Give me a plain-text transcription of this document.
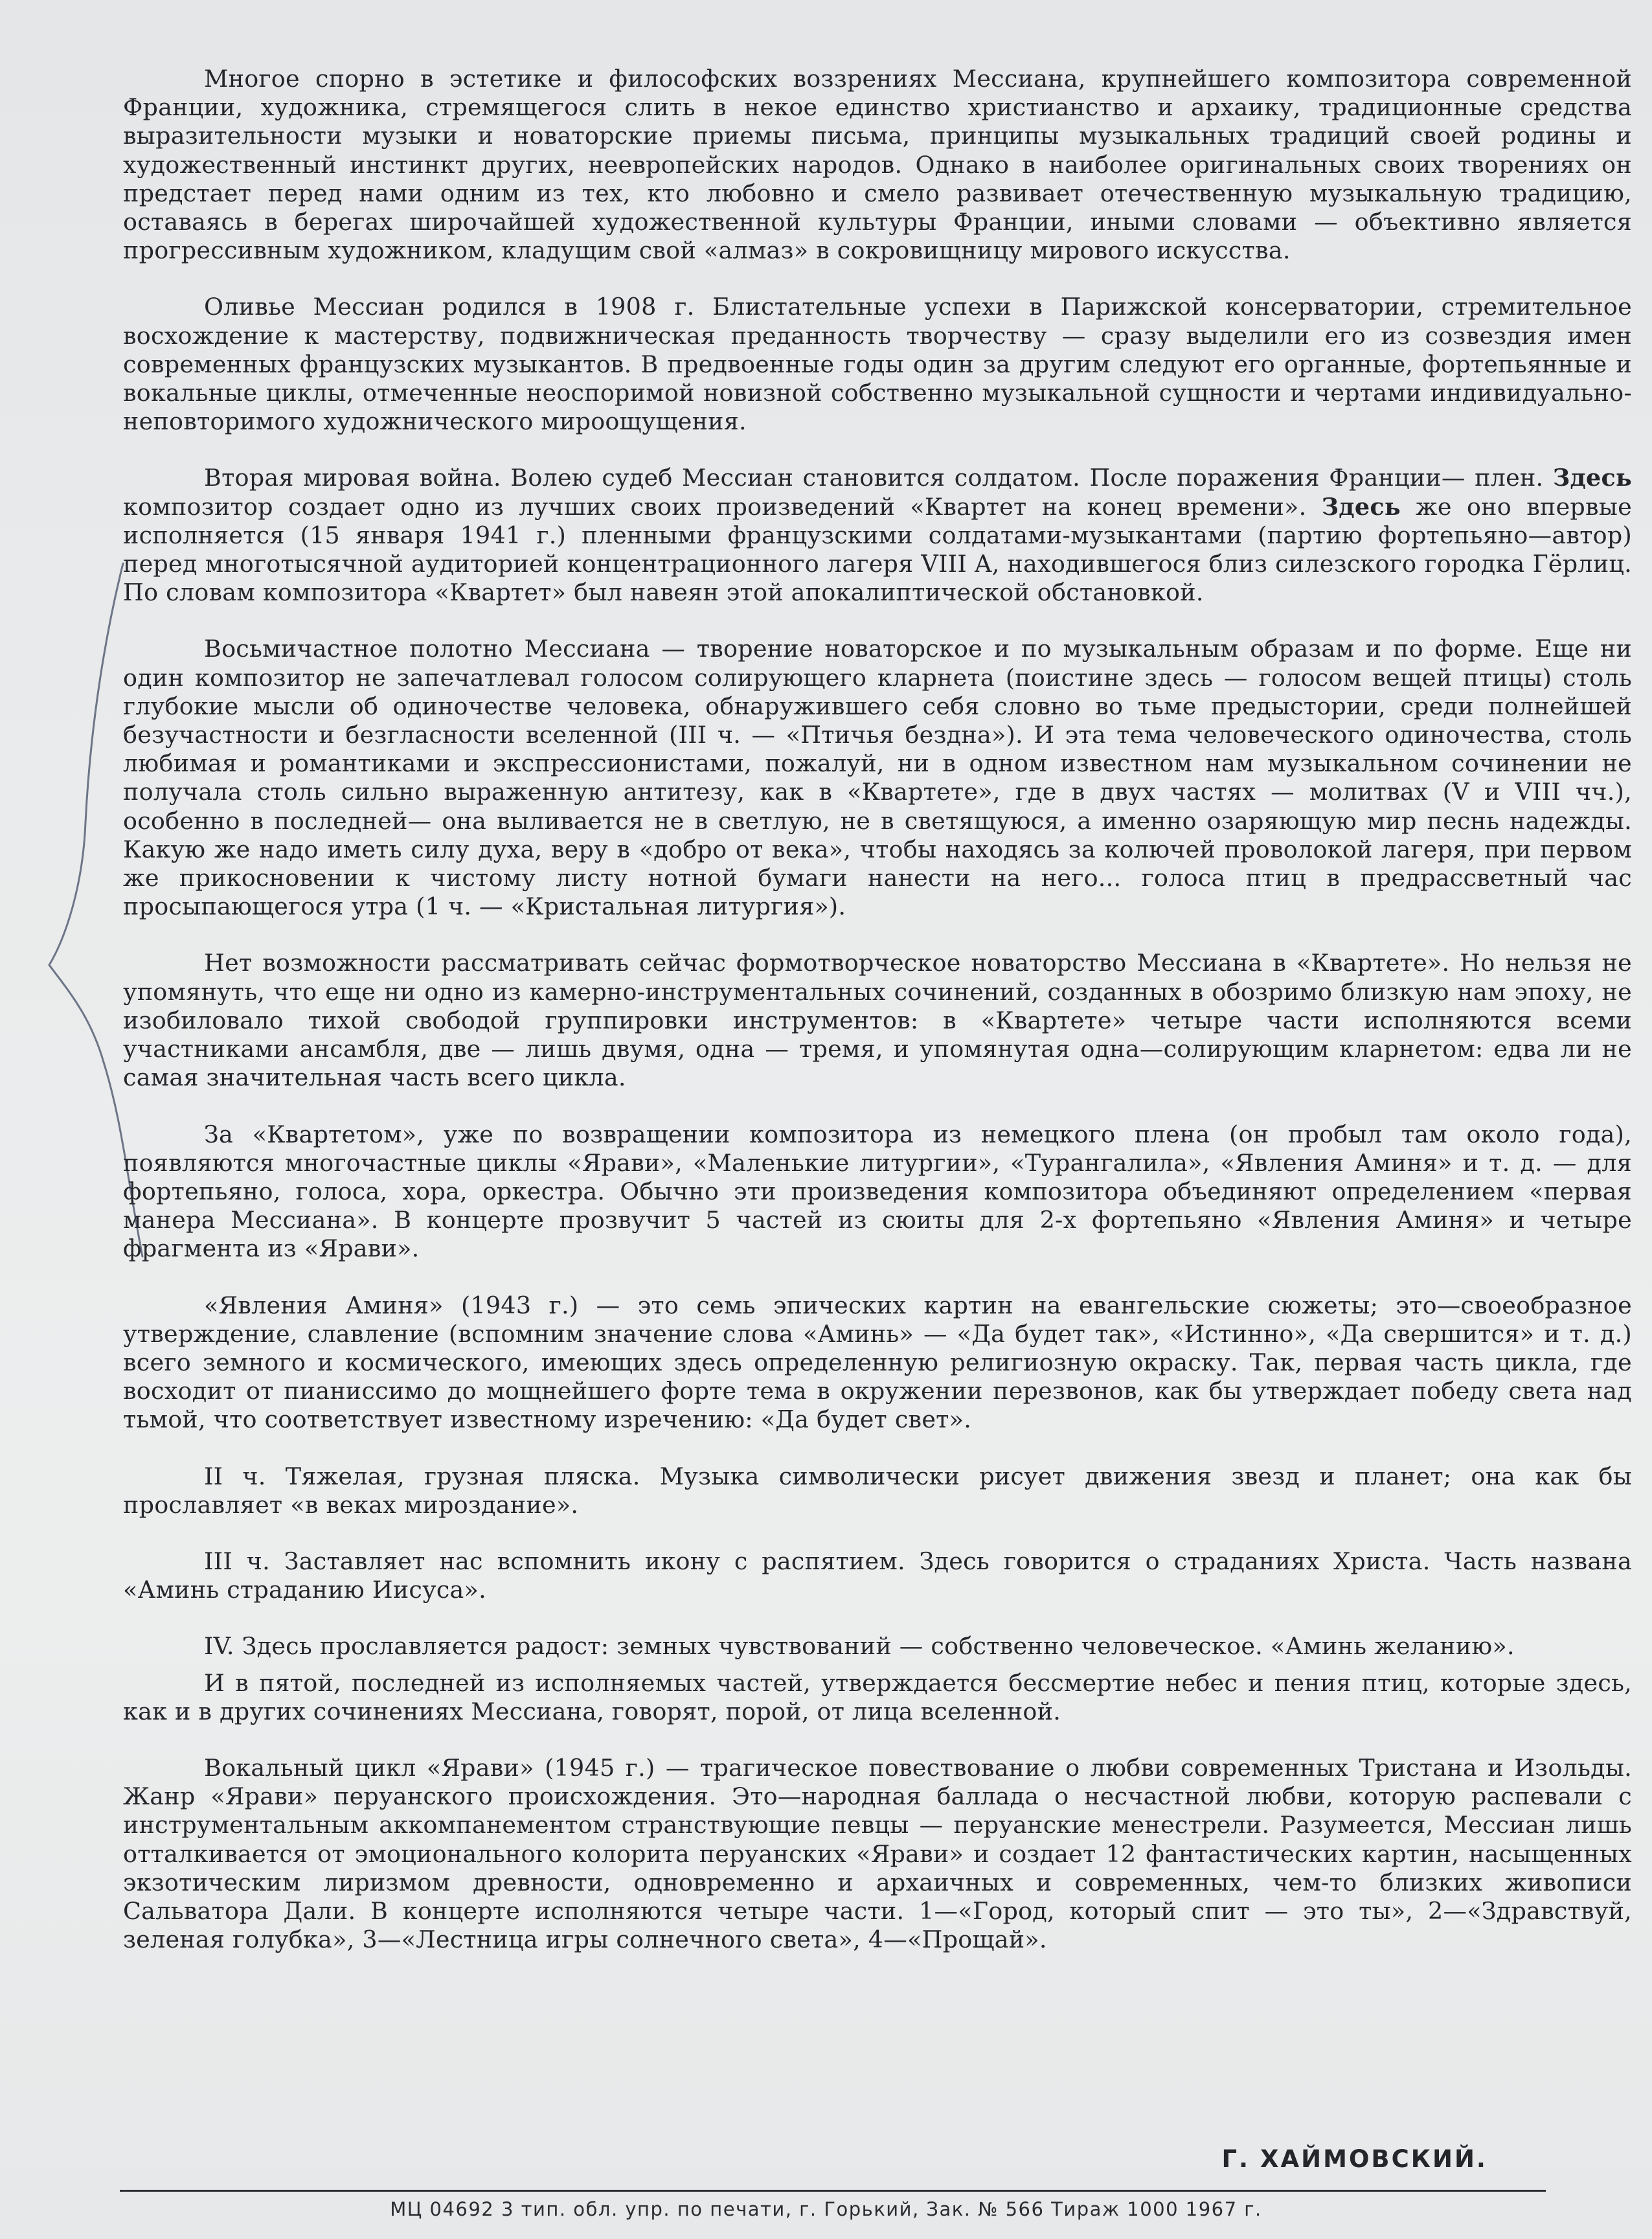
Многое спорно в эстетике и философских воззрениях Мессиана, крупнейшего композитора современной Франции, художника, стремящегося слить в некое единство христианство и архаику, традиционные средства выразительности музыки и новаторские приемы письма, принципы музыкальных традиций своей родины и художественный инстинкт других, неевропейских народов. Однако в наиболее оригинальных своих творениях он предстает перед нами одним из тех, кто любовно и смело развивает отечественную музыкальную традицию, оставаясь в берегах широчайшей художественной культуры Франции, иными словами — объективно является прогрессивным художником, кладущим свой «алмаз» в сокровищницу мирового искусства.

Оливье Мессиан родился в 1908 г. Блистательные успехи в Парижской консерватории, стремительное восхождение к мастерству, подвижническая преданность творчеству — сразу выделили его из созвездия имен современных французских музыкантов. В предвоенные годы один за другим следуют его органные, фортепьянные и вокальные циклы, отмеченные неоспоримой новизной собственно музыкальной сущности и чертами индивидуально-неповторимого художнического мироощущения.

Вторая мировая война. Волею судеб Мессиан становится солдатом. После поражения Франции— плен. Здесь композитор создает одно из лучших своих произведений «Квартет на конец времени». Здесь же оно впервые исполняется (15 января 1941 г.) пленными французскими солдатами-музыкантами (партию фортепьяно—автор) перед многотысячной аудиторией концентрационного лагеря VIII A, находившегося близ силезского городка Гёрлиц. По словам композитора «Квартет» был навеян этой апокалиптической обстановкой.

Восьмичастное полотно Мессиана — творение новаторское и по музыкальным образам и по форме. Еще ни один композитор не запечатлевал голосом солирующего кларнета (поистине здесь — голосом вещей птицы) столь глубокие мысли об одиночестве человека, обнаружившего себя словно во тьме предыстории, среди полнейшей безучастности и безгласности вселенной (III ч. — «Птичья бездна»). И эта тема человеческого одиночества, столь любимая и романтиками и экспрессионистами, пожалуй, ни в одном известном нам музыкальном сочинении не получала столь сильно выраженную антитезу, как в «Квартете», где в двух частях — молитвах (V и VIII чч.), особенно в последней— она выливается не в светлую, не в светящуюся, а именно озаряющую мир песнь надежды. Какую же надо иметь силу духа, веру в «добро от века», чтобы находясь за колючей проволокой лагеря, при первом же прикосновении к чистому листу нотной бумаги нанести на него... голоса птиц в предрассветный час просыпающегося утра (1 ч. — «Кристальная литургия»).

Нет возможности рассматривать сейчас формотворческое новаторство Мессиана в «Квартете». Но нельзя не упомянуть, что еще ни одно из камерно-инструментальных сочинений, созданных в обозримо близкую нам эпоху, не изобиловало тихой свободой группировки инструментов: в «Квартете» четыре части исполняются всеми участниками ансамбля, две — лишь двумя, одна — тремя, и упомянутая одна—солирующим кларнетом: едва ли не самая значительная часть всего цикла.

За «Квартетом», уже по возвращении композитора из немецкого плена (он пробыл там около года), появляются многочастные циклы «Яpави», «Маленькие литургии», «Турангалила», «Явления Аминя» и т. д. — для фортепьяно, голоса, хора, оркестра. Обычно эти произведения композитора объединяют определением «первая манера Мессиана». В концерте прозвучит 5 частей из сюиты для 2-х фортепьяно «Явления Аминя» и четыре фрагмента из «Яpави».

«Явления Аминя» (1943 г.) — это семь эпических картин на евангельские сюжеты; это—своеобразное утверждение, славление (вспомним значение слова «Аминь» — «Да будет так», «Истинно», «Да свершится» и т. д.) всего земного и космического, имеющих здесь определенную религиозную окраску. Так, первая часть цикла, где восходит от пианиссимо до мощнейшего форте тема в окружении перезвонов, как бы утверждает победу света над тьмой, что соответствует известному изречению: «Да будет свет».

II ч. Тяжелая, грузная пляска. Музыка символически рисует движения звезд и планет; она как бы прославляет «в веках мироздание».

III ч. Заставляет нас вспомнить икону с распятием. Здесь говорится о страданиях Христа. Часть названа «Аминь страданию Иисуса».

IV. Здесь прославляется радост: земных чувствований — собственно человеческое. «Аминь желанию».

И в пятой, последней из исполняемых частей, утверждается бессмертие небес и пения птиц, которые здесь, как и в других сочинениях Мессиана, говорят, порой, от лица вселенной.

Вокальный цикл «Яpави» (1945 г.) — трагическое повествование о любви современных Тристана и Изольды. Жанр «Яpави» перуанского происхождения. Это—народная баллада о несчастной любви, которую распевали с инструментальным аккомпанементом странствующие певцы — перуанские менестрели. Разумеется, Мессиан лишь отталкивается от эмоционального колорита перуанских «Яpави» и создает 12 фантастических картин, насыщенных экзотическим лиризмом древности, одновременно и архаичных и современных, чем-то близких живописи Сальватора Дали. В концерте исполняются четыре части. 1—«Город, который спит — это ты», 2—«Здравствуй, зеленая голубка», 3—«Лестница игры солнечного света», 4—«Прощай».

Г. ХАЙМОВСКИЙ.
МЦ 04692 3 тип. обл. упр. по печати, г. Горький, Зак. № 566 Тираж 1000 1967 г.
